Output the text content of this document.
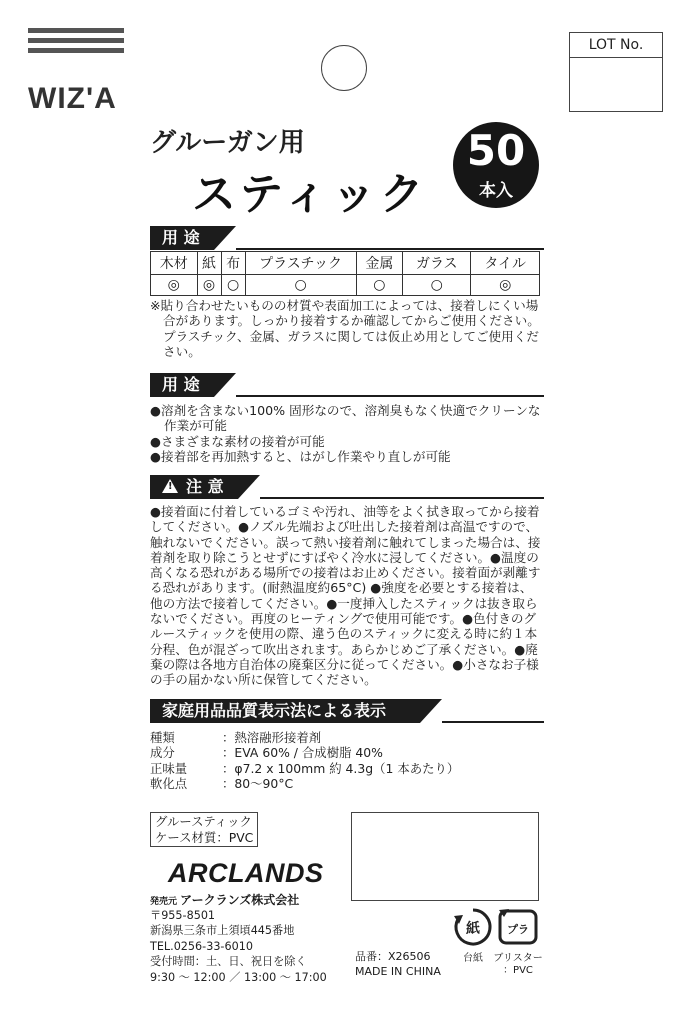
WIZ'A
LOT No.
グルーガン用
スティック
50
本入
用 途
木材	紙	布	プラスチック	金属	ガラス	タイル
◎	◎	○	○	○	○	◎

※貼り合わせたいものの材質や表面加工によっては、接着しにくい場合があります。しっかり接着するか確認してからご使用ください。プラスチック、金属、ガラスに関しては仮止め用としてご使用ください。

用 途

●溶剤を含まない100% 固形なので、溶剤臭もなく快適でクリーンな作業が可能

●さまざまな素材の接着が可能

●接着部を再加熱すると、はがし作業やり直しが可能

! 注 意

●接着面に付着しているゴミや汚れ、油等をよく拭き取ってから接着してください。●ノズル先端および吐出した接着剤は高温ですので、触れないでください。誤って熱い接着剤に触れてしまった場合は、接着剤を取り除こうとせずにすばやく冷水に浸してください。●温度の高くなる恐れがある場所での接着はお止めください。接着面が剥離する恐れがあります。(耐熱温度約65°C) ●強度を必要とする接着は、他の方法で接着してください。●一度挿入したスティックは抜き取らないでください。再度のヒーティングで使用可能です。●色付きのグルースティックを使用の際、違う色のスティックに変える時に約１本分程、色が混ざって吹出されます。あらかじめご了承ください。●廃棄の際は各地方自治体の廃棄区分に従ってください。●小さなお子様の手の届かない所に保管してください。

家庭用品品質表示法による表示
種類	：熱溶融形接着剤
成分	：EVA 60% / 合成樹脂 40%
正味量	：φ7.2 x 100mm 約 4.3g（1 本あたり）
軟化点	：80～90°C
グルースティック
ケース材質：PVC
ARCLANDS
発売元 アークランズ株式会社
〒955-8501
新潟県三条市上須頃445番地
TEL.0256-33-6010
受付時間：土、日、祝日を除く
9:30 ～ 12:00 ／ 13:00 ～ 17:00
品番：X26506
MADE IN CHINA
紙
台紙
プラ
ブリスター
：PVC
